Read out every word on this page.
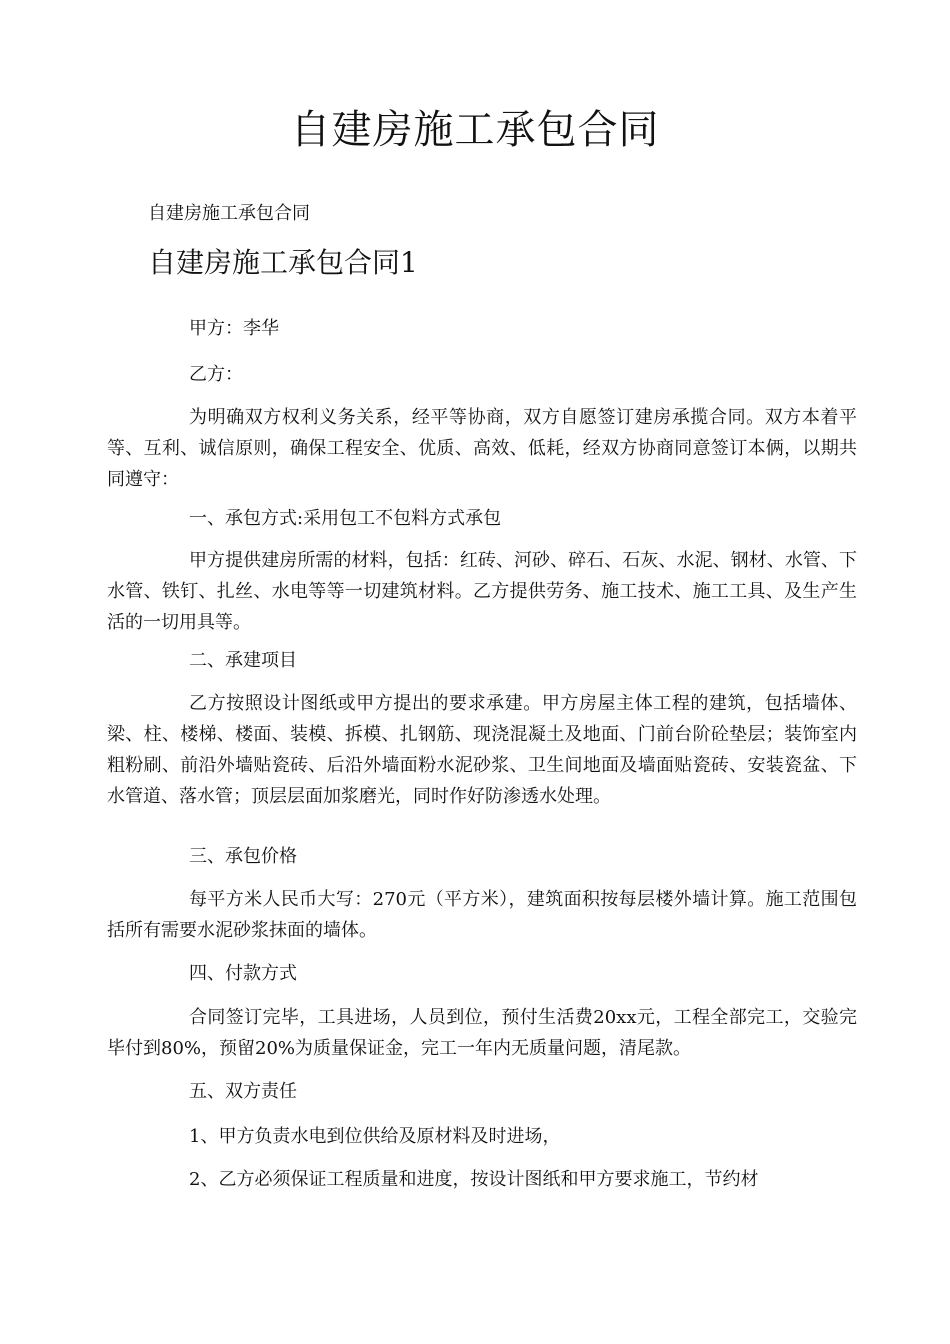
自建房施工承包合同

自建房施工承包合同

自建房施工承包合同1

甲方：李华

乙方：

为明确双方权利义务关系，经平等协商，双方自愿签订建房承揽合同。双方本着平等、互利、诚信原则，确保工程安全、优质、高效、低耗，经双方协商同意签订本俩，以期共同遵守：

一、承包方式:采用包工不包料方式承包

甲方提供建房所需的材料，包括：红砖、河砂、碎石、石灰、水泥、钢材、水管、下水管、铁钉、扎丝、水电等等一切建筑材料。乙方提供劳务、施工技术、施工工具、及生产生活的一切用具等。

二、承建项目

乙方按照设计图纸或甲方提出的要求承建。甲方房屋主体工程的建筑，包括墙体、梁、柱、楼梯、楼面、装模、拆模、扎钢筋、现浇混凝土及地面、门前台阶砼垫层；装饰室内粗粉刷、前沿外墙贴瓷砖、后沿外墙面粉水泥砂浆、卫生间地面及墙面贴瓷砖、安装瓷盆、下水管道、落水管；顶层层面加浆磨光，同时作好防渗透水处理。

三、承包价格

每平方米人民币大写：270元（平方米），建筑面积按每层楼外墙计算。施工范围包括所有需要水泥砂浆抹面的墙体。

四、付款方式

合同签订完毕，工具进场，人员到位，预付生活费20xx元，工程全部完工，交验完毕付到80%，预留20%为质量保证金，完工一年内无质量问题，清尾款。

五、双方责任

1、甲方负责水电到位供给及原材料及时进场，

2、乙方必须保证工程质量和进度，按设计图纸和甲方要求施工，节约材
